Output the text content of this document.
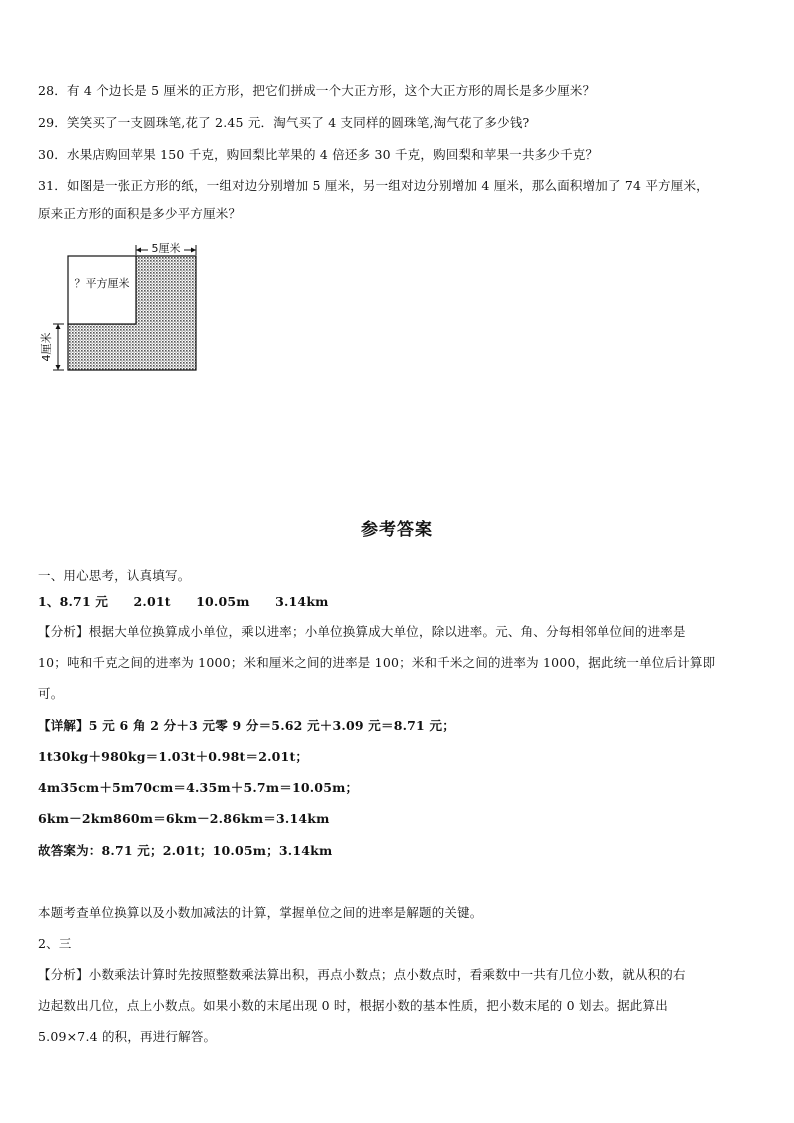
28．有 4 个边长是 5 厘米的正方形，把它们拼成一个大正方形，这个大正方形的周长是多少厘米？
29．笑笑买了一支圆珠笔,花了 2.45 元．淘气买了 4 支同样的圆珠笔,淘气花了多少钱?
30．水果店购回苹果 150 千克，购回梨比苹果的 4 倍还多 30 千克，购回梨和苹果一共多少千克？
31．如图是一张正方形的纸，一组对边分别增加 5 厘米，另一组对边分别增加 4 厘米，那么面积增加了 74 平方厘米，
原来正方形的面积是多少平方厘米？
5厘米
4厘米
？平方厘米
参考答案
一、用心思考，认真填写。
1、8.71 元　　2.01t　　10.05m　　3.14km
【分析】根据大单位换算成小单位，乘以进率；小单位换算成大单位，除以进率。元、角、分每相邻单位间的进率是
10；吨和千克之间的进率为 1000；米和厘米之间的进率是 100；米和千米之间的进率为 1000，据此统一单位后计算即
可。
【详解】5 元 6 角 2 分＋3 元零 9 分＝5.62 元＋3.09 元＝8.71 元；
1t30kg＋980kg＝1.03t＋0.98t＝2.01t；
4m35cm＋5m70cm＝4.35m＋5.7m＝10.05m；
6km－2km860m＝6km－2.86km＝3.14km
故答案为：8.71 元；2.01t；10.05m；3.14km
本题考查单位换算以及小数加减法的计算，掌握单位之间的进率是解题的关键。
2、三
【分析】小数乘法计算时先按照整数乘法算出积，再点小数点；点小数点时，看乘数中一共有几位小数，就从积的右
边起数出几位，点上小数点。如果小数的末尾出现 0 时，根据小数的基本性质，把小数末尾的 0 划去。据此算出
5.09×7.4 的积，再进行解答。
